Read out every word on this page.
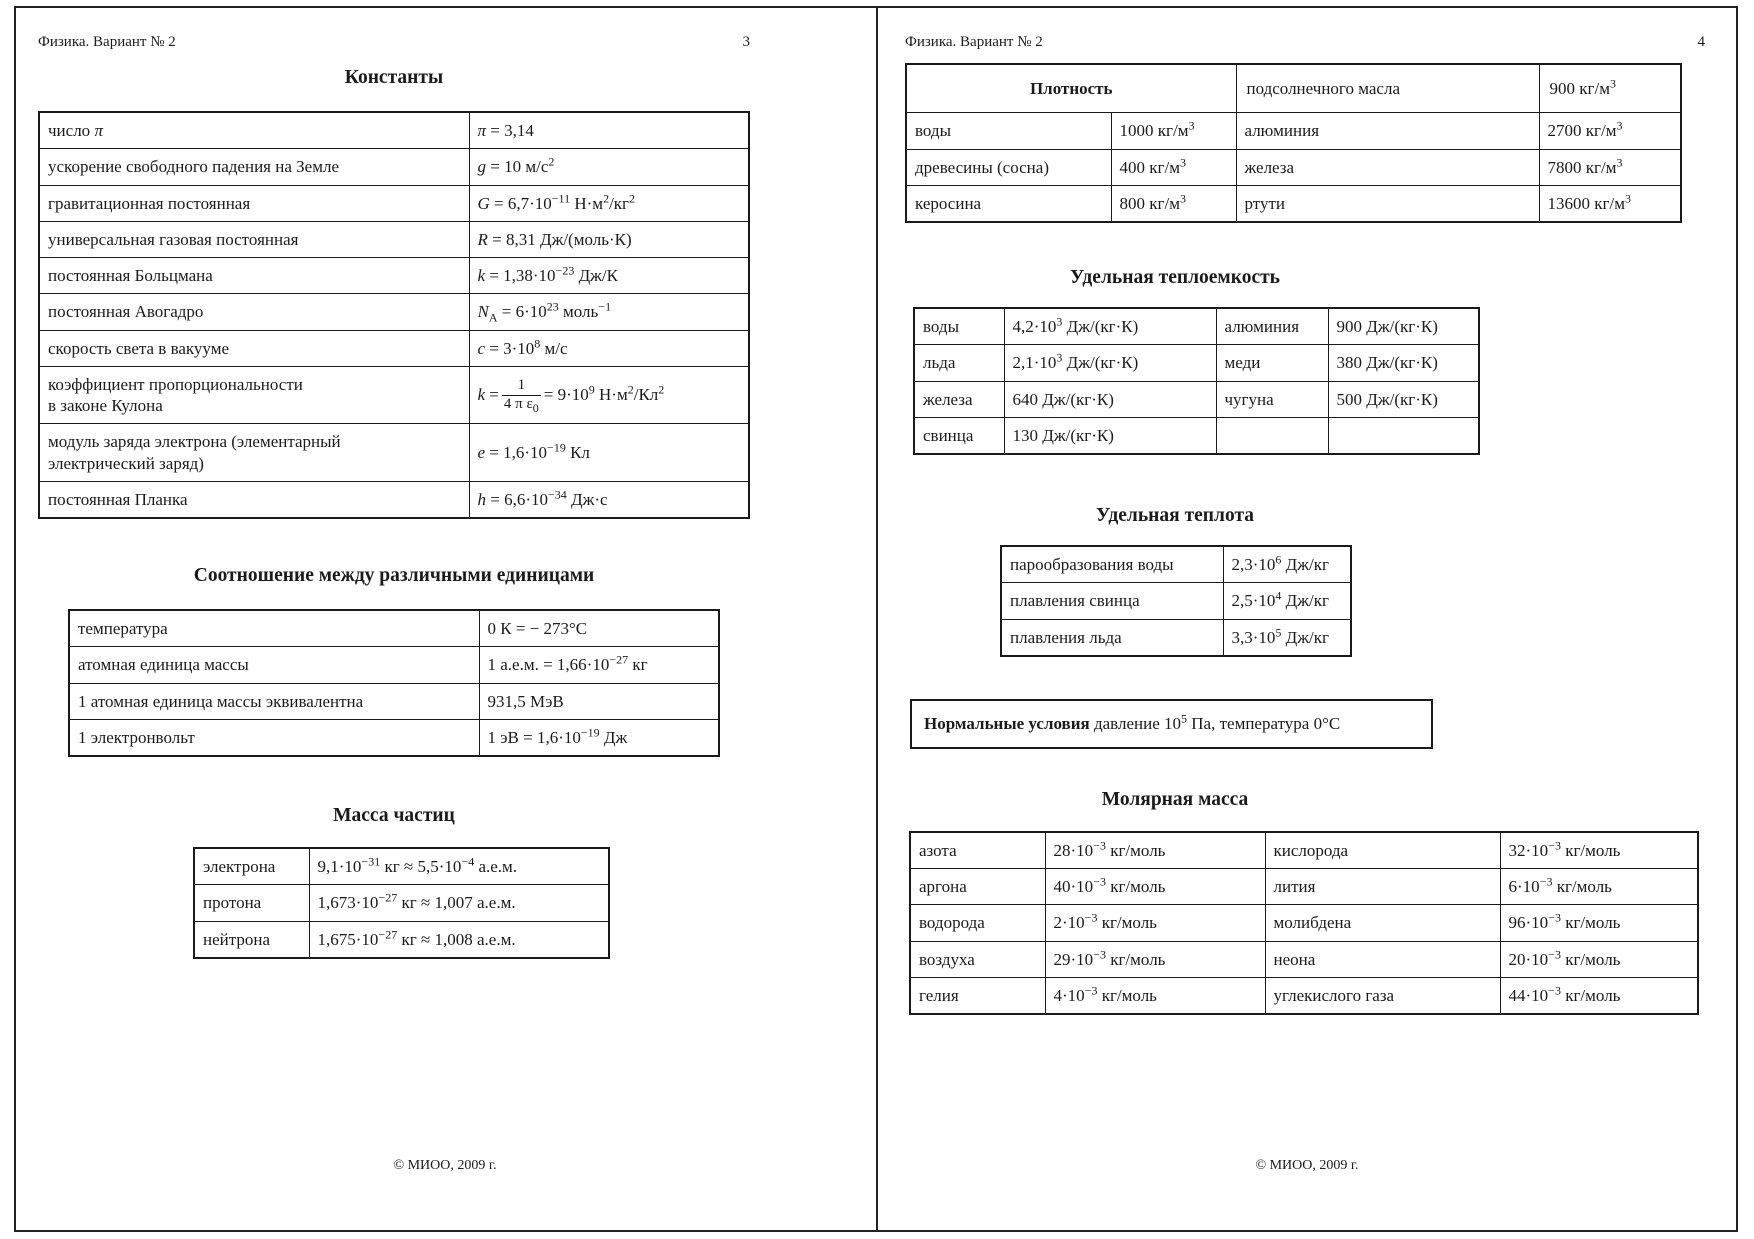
Физика. Вариант № 2	3
Константы
число π	π = 3,14
ускорение свободного падения на Земле	g = 10 $м/с^2$
гравитационная постоянная	$G = 6,7\cdot 10^{-11}$ $Н\cdot м^2/кг^2$
универсальная газовая постоянная	R = 8,31 Дж/(моль·К)
постоянная Больцмана	$k = 1,38\cdot 10^{-23}$ Дж/К
постоянная Авогадро	$N_А = 6\cdot 10^{23}$ моль$^{-1}$
скорость света в вакууме	$c = 3\cdot 10^8$ м/с
коэффициент пропорциональности
в законе Кулона	$k = \frac{1}{4 \pi \varepsilon_0} = 9\cdot 10^9$ $Н\cdot м^2/Кл^2$
модуль заряда электрона (элементарный
электрический заряд)	$e = 1,6\cdot 10^{-19}$ Кл
постоянная Планка	$h = 6,6\cdot 10^{-34}$ Дж·с
Соотношение между различными единицами
температура	0 К = − 273°C
атомная единица массы	1 а.е.м. = $1,66\cdot 10^{-27}$ кг
1 атомная единица массы эквивалентна	931,5 МэВ
1 электронвольт	1 эВ = $1,6\cdot 10^{-19}$ Дж
Масса частиц
электрона	$9,1\cdot 10^{-31}$ кг ≈ $5,5\cdot 10^{-4}$ а.е.м.
протона	$1,673\cdot 10^{-27}$ кг ≈ 1,007 а.е.м.
нейтрона	$1,675\cdot 10^{-27}$ кг ≈ 1,008 а.е.м.
© МИОО, 2009 г.
Физика. Вариант № 2	4
Плотность		подсолнечного масла	900 $кг/м^3$
воды	1000 $кг/м^3$	алюминия	2700 $кг/м^3$
древесины (сосна)	400 $кг/м^3$	железа	7800 $кг/м^3$
керосина	800 $кг/м^3$	ртути	13600 $кг/м^3$
Удельная теплоемкость
воды	$4,2\cdot 10^3$ Дж/(кг·К)	алюминия	900 Дж/(кг·К)
льда	$2,1\cdot 10^3$ Дж/(кг·К)	меди	380 Дж/(кг·К)
железа	640 Дж/(кг·К)	чугуна	500 Дж/(кг·К)
свинца	130 Дж/(кг·К)		
Удельная теплота
парообразования воды	$2,3\cdot 10^6$ Дж/кг
плавления свинца	$2,5\cdot 10^4$ Дж/кг
плавления льда	$3,3\cdot 10^5$ Дж/кг
Нормальные условия давление $10^5$ Па, температура 0°C
Молярная масса
азота	$28\cdot 10^{-3}$ кг/моль	кислорода	$32\cdot 10^{-3}$ кг/моль
аргона	$40\cdot 10^{-3}$ кг/моль	лития	$6\cdot 10^{-3}$ кг/моль
водорода	$2\cdot 10^{-3}$ кг/моль	молибдена	$96\cdot 10^{-3}$ кг/моль
воздуха	$29\cdot 10^{-3}$ кг/моль	неона	$20\cdot 10^{-3}$ кг/моль
гелия	$4\cdot 10^{-3}$ кг/моль	углекислого газа	$44\cdot 10^{-3}$ кг/моль
© МИОО, 2009 г.
